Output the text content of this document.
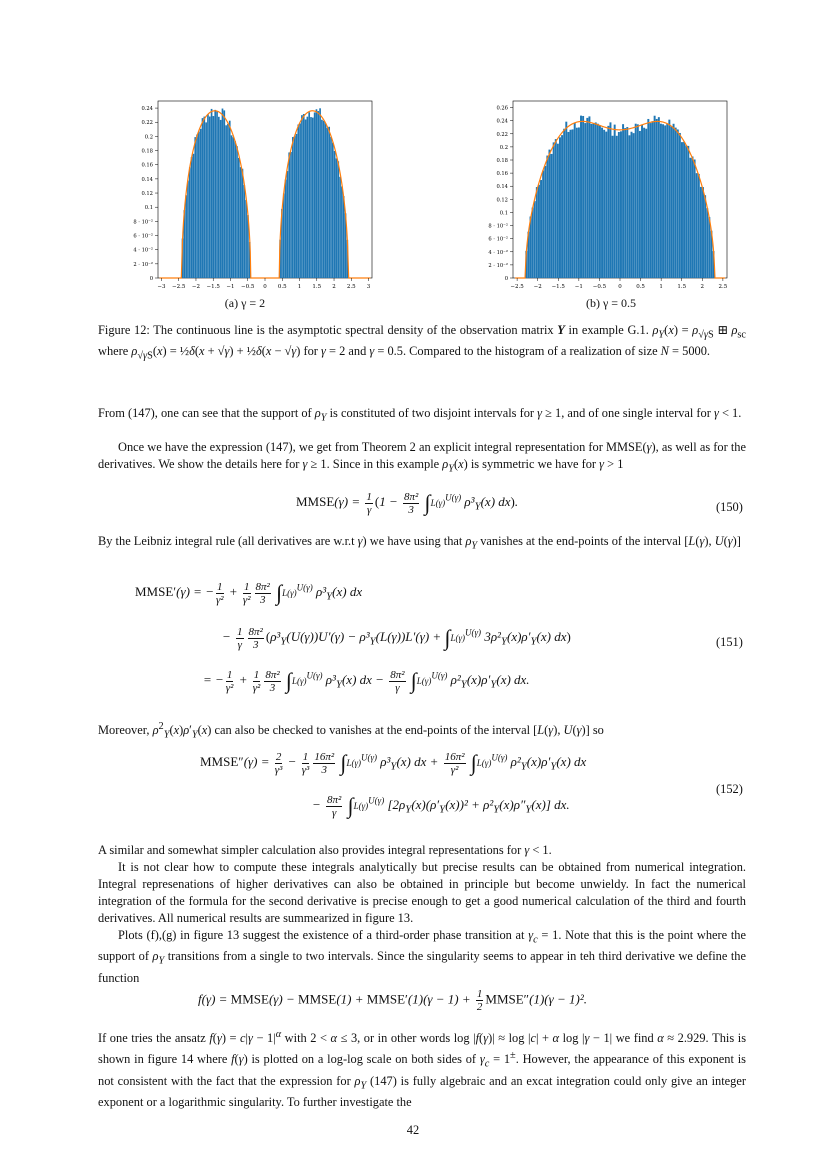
−3 −2.5 −2 −1.5 −1 −0.5 0 0.5 1 1.5 2 2.5 3
0
2 · 10⁻²
4 · 10⁻²
6 · 10⁻²
8 · 10⁻²
0.1
0.12
0.14
0.16
0.18
0.2
0.22
0.24
(a) γ = 2
−2.5 −2 −1.5 −1 −0.5 0	0.5	1	1.5	2	2.5
0
2 · 10⁻²
4 · 10⁻²
6 · 10⁻²
8 · 10⁻²
0.1
0.12
0.14
0.16
0.18
0.2
0.22
0.24
0.26
(b) γ = 0.5
Figure 12: The continuous line is the asymptotic spectral density of the observation matrix Y in example G.1. $\rho_Y(x) = \rho_{√\gamma S}$ ⊞ $\rho_{sc}$ where $\rho_{√\gamma S}(x)$ = ½δ(x + √γ) + ½δ(x − √γ) for γ = 2 and γ = 0.5. Compared to the histogram of a realization of size N = 5000.
From (147), one can see that the support of $\rho_Y$ is constituted of two disjoint intervals for γ ≥ 1, and of one single interval for γ < 1.
Once we have the expression (147), we get from Theorem 2 an explicit integral representation for MMSE(γ), as well as for the derivatives. We show the details here for γ ≥ 1. Since in this example $\rho_Y(x)$ is symmetric we have for γ > 1
MMSE(γ) = $\frac{1}{\gamma} (1 - \frac{\text{8π²}}{3} \int L(\gamma)^{U(\gamma)}$ $\rho^3_Y(x)$ dx).	(150)
By the Leibniz integral rule (all derivatives are w.r.t γ) we have using that $\rho_Y$ vanishes at the end-points of the interval [L(γ), U(γ)]
MMSE′(γ) = − $\frac{1}{\text{γ²}} + \frac{1}{\text{γ²}} \frac{\text{8π²}}{3} \int L(\gamma)^{U(\gamma)}$ $\rho^3_Y(x)$ dx
− $\frac{1}{\gamma} \frac{\text{8π²}}{3} (\rho^3_Y(U(\gamma))U'(\gamma) - \rho^3_Y(L(\gamma))L'(\gamma) + \int L(\gamma)^{U(\gamma)}$ $3\rho^2_Y(x)\rho'_Y(x)$ dx)	(151)
= − $\frac{1}{\text{γ²}} + \frac{1}{\text{γ²}} \frac{\text{8π²}}{3} \int L(\gamma)^{U(\gamma)}$ $\rho^3_Y(x)$ dx − $\frac{\text{8π²}}{\gamma} \int L(\gamma)^{U(\gamma)}$ $\rho^2_Y(x)\rho'_Y(x)$ dx.
Moreover, $\rho^2_Y(x)\rho'_Y(x)$ can also be checked to vanishes at the end-points of the interval [L(γ), U(γ)] so
MMSE″(γ) = $\frac{2}{\text{γ³}} - \frac{1}{\text{γ³}} \frac{\text{16π²}}{3} \int L(\gamma)^{U(\gamma)}$ $\rho^3_Y(x)$ dx + $\frac{\text{16π²}}{\text{γ²}} \int L(\gamma)^{U(\gamma)}$ $\rho^2_Y(x)\rho'_Y(x)$ dx
(152)
− $\frac{\text{8π²}}{\gamma} \int L(\gamma)^{U(\gamma)}$ $[2\rho_Y(x)(\rho'_Y(x))^2 + \rho^2_Y(x)\rho''_Y(x)]$ dx.
A similar and somewhat simpler calculation also provides integral representations for γ < 1.
It is not clear how to compute these integrals analytically but precise results can be obtained from numerical integration. Integral represenations of higher derivatives can also be obtained in principle but become unwieldy. In fact the numerical integration of the formula for the second derivative is precise enough to get a good numerical calculation of the third and fourth derivatives. All numerical results are summearized in figure 13.
Plots (f),(g) in figure 13 suggest the existence of a third-order phase transition at $\gamma_c = 1$. Note that this is the point where the support of $\rho_Y$ transitions from a single to two intervals. Since the singularity seems to appear in teh third derivative we define the function
f(γ) = MMSE(γ) − MMSE(1) + MMSE′(1)(γ − $1) + \frac{1}{2}$ MMSE″(1)(γ − 1)².
If one tries the ansatz $f(\gamma) = c|\gamma - 1|^\alpha$ with 2 < α ≤ 3, or in other words log |f(γ)| ≈ log |c| + α log |γ − 1| we find α ≈ 2.929. This is shown in figure 14 where f(γ) is plotted on a log-log scale on both sides of $\gamma_c = 1^\pm$. However, the appearance of this exponent is not consistent with the fact that the expression for $\rho_Y$ (147) is fully algebraic and an excat integration could only give an integer exponent or a logarithmic singularity. To further investigate the
42
